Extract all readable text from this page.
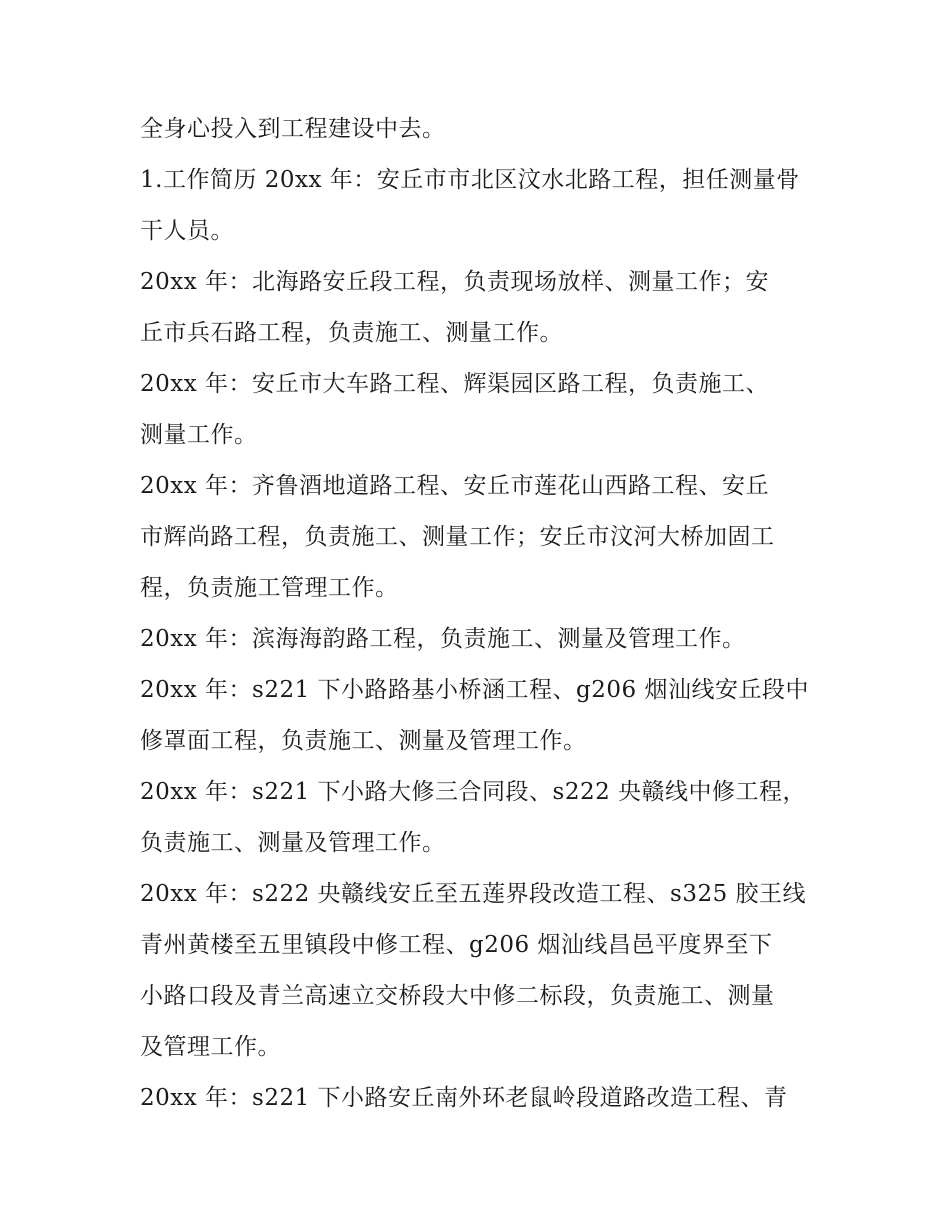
全身心投入到工程建设中去。
1.工作简历 20xx 年：安丘市市北区汶水北路工程，担任测量骨
干人员。
20xx 年：北海路安丘段工程，负责现场放样、测量工作；安
丘市兵石路工程，负责施工、测量工作。
20xx 年：安丘市大车路工程、辉渠园区路工程，负责施工、
测量工作。
20xx 年：齐鲁酒地道路工程、安丘市莲花山西路工程、安丘
市辉尚路工程，负责施工、测量工作；安丘市汶河大桥加固工
程，负责施工管理工作。
20xx 年：滨海海韵路工程，负责施工、测量及管理工作。
20xx 年：s221 下小路路基小桥涵工程、g206 烟汕线安丘段中
修罩面工程，负责施工、测量及管理工作。
20xx 年：s221 下小路大修三合同段、s222 央赣线中修工程，
负责施工、测量及管理工作。
20xx 年：s222 央赣线安丘至五莲界段改造工程、s325 胶王线
青州黄楼至五里镇段中修工程、g206 烟汕线昌邑平度界至下
小路口段及青兰高速立交桥段大中修二标段，负责施工、测量
及管理工作。
20xx 年：s221 下小路安丘南外环老鼠岭段道路改造工程、青
